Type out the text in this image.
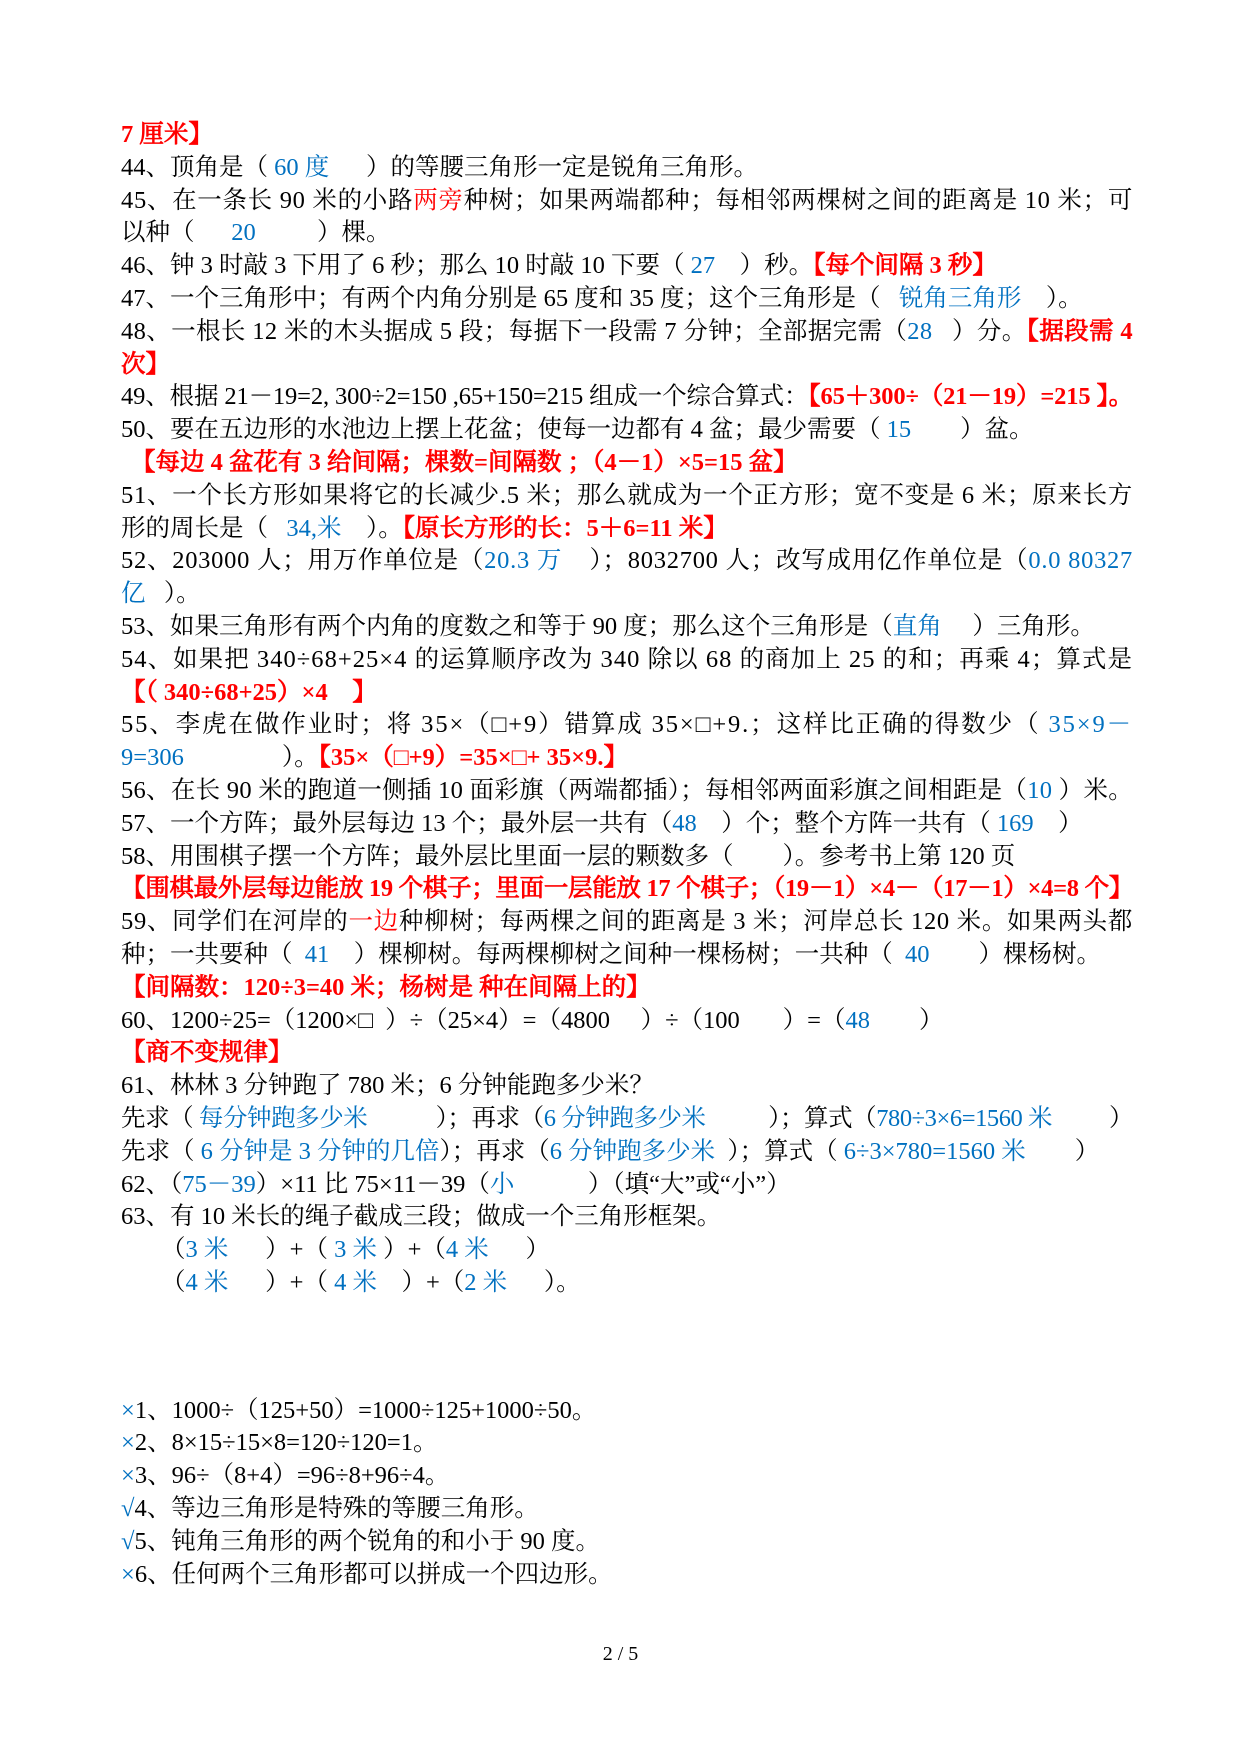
7 厘米】
44、顶角是（ 60 度      ）的等腰三角形一定是锐角三角形。
45、在一条长 90 米的小路两旁种树；如果两端都种；每相邻两棵树之间的距离是 10 米；可
以种（      20          ）棵。
46、钟 3 时敲 3 下用了 6 秒；那么 10 时敲 10 下要（ 27    ）秒。【每个间隔 3 秒】
47、一个三角形中；有两个内角分别是 65 度和 35 度；这个三角形是（   锐角三角形    ）。
48、一根长 12 米的木头据成 5 段；每据下一段需 7 分钟；全部据完需（28   ）分。【据段需 4
次】
49、根据 21－19=2, 300÷2=150 ,65+150=215 组成一个综合算式：【65＋300÷（21－19）=215 】。
50、要在五边形的水池边上摆上花盆；使每一边都有 4 盆；最少需要（ 15        ）盆。
【每边 4 盆花有 3 给间隔；棵数=间隔数 ；（4－1）×5=15 盆】
51、一个长方形如果将它的长减少.5 米；那么就成为一个正方形；宽不变是 6 米；原来长方
形的周长是（   34,米    ）。【原长方形的长：5＋6=11 米】
52、203000 人；用万作单位是（20.3 万    ）；8032700 人；改写成用亿作单位是（0.0 80327
亿   ）。
53、如果三角形有两个内角的度数之和等于 90 度；那么这个三角形是（直角     ）三角形。
54、如果把 340÷68+25×4 的运算顺序改为 340 除以 68 的商加上 25 的和；再乘 4；算式是
【（ 340÷68+25）×4    】
55、李虎在做作业时；将 35×（□+9）错算成 35×□+9.；这样比正确的得数少（ 35×9－
9=306                ）。【35×（□+9）=35×□+ 35×9.】
56、在长 90 米的跑道一侧插 10 面彩旗（两端都插）；每相邻两面彩旗之间相距是（10 ）米。
57、一个方阵；最外层每边 13 个；最外层一共有（48    ）个；整个方阵一共有（ 169    ）
58、用围棋子摆一个方阵；最外层比里面一层的颗数多（        ）。参考书上第 120 页
【围棋最外层每边能放 19 个棋子；里面一层能放 17 个棋子；（19－1）×4－（17－1）×4=8 个】
59、同学们在河岸的一边种柳树；每两棵之间的距离是 3 米；河岸总长 120 米。如果两头都
种；一共要种（  41    ）棵柳树。每两棵柳树之间种一棵杨树；一共种（  40        ）棵杨树。
【间隔数：120÷3=40 米；杨树是 种在间隔上的】
60、1200÷25=（1200×□  ）÷（25×4）=（4800     ）÷（100       ）=（48        ）
【商不变规律】
61、林林 3 分钟跑了 780 米；6 分钟能跑多少米？
先求（ 每分钟跑多少米            ）；再求（6 分钟跑多少米           ）；算式（780÷3×6=1560 米          ）
先求（ 6 分钟是 3 分钟的几倍）；再求（6 分钟跑多少米  ）；算式（ 6÷3×780=1560 米        ）
62、（75－39）×11 比 75×11－39（小            ）（填“大”或“小”）
63、有 10 米长的绳子截成三段；做成一个三角形框架。
（3 米      ）+（ 3 米 ）+（4 米      ）
（4 米      ）+（ 4 米    ）+（2 米      ）。
×1、1000÷（125+50）=1000÷125+1000÷50。
×2、8×15÷15×8=120÷120=1。
×3、96÷（8+4）=96÷8+96÷4。
√4、等边三角形是特殊的等腰三角形。
√5、钝角三角形的两个锐角的和小于 90 度。
×6、任何两个三角形都可以拼成一个四边形。
2 / 5
